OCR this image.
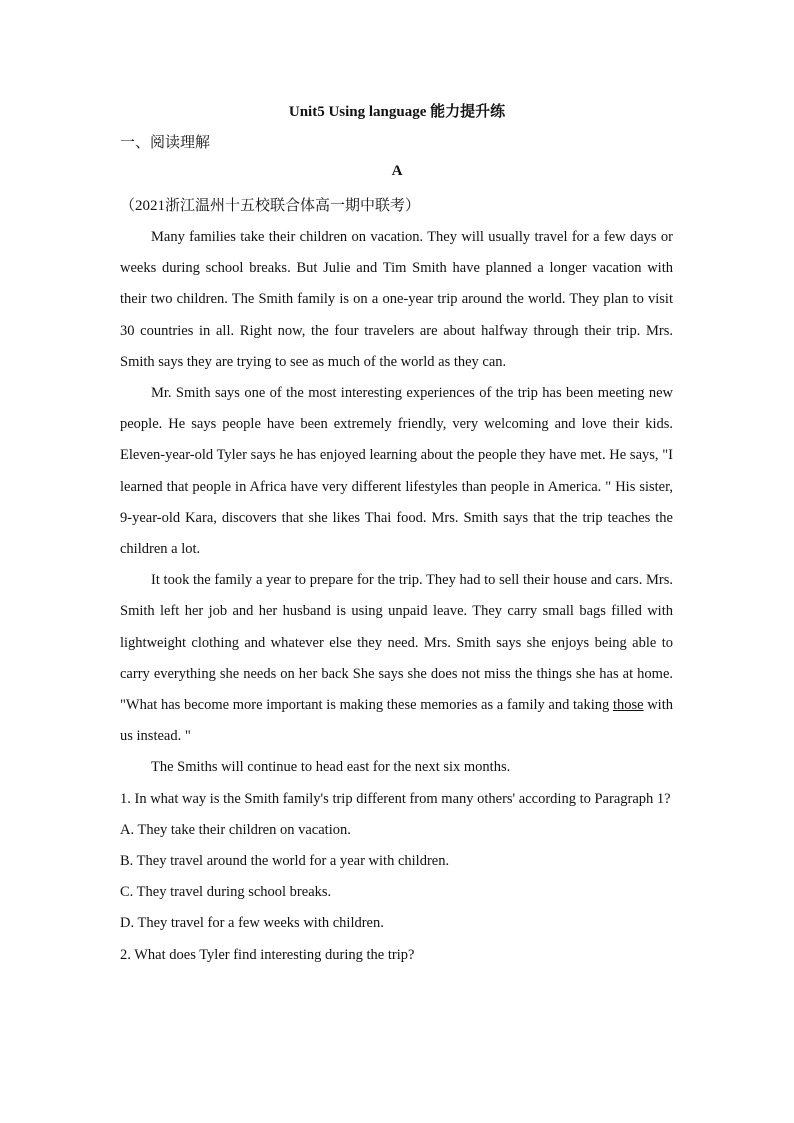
Unit5 Using language 能力提升练
一、阅读理解
A
（2021浙江温州十五校联合体高一期中联考）

Many families take their children on vacation. They will usually travel for a few days or weeks during school breaks. But Julie and Tim Smith have planned a longer vacation with their two children. The Smith family is on a one-year trip around the world. They plan to visit 30 countries in all. Right now, the four travelers are about halfway through their trip. Mrs. Smith says they are trying to see as much of the world as they can.

Mr. Smith says one of the most interesting experiences of the trip has been meeting new people. He says people have been extremely friendly, very welcoming and love their kids. Eleven-year-old Tyler says he has enjoyed learning about the people they have met. He says, "I learned that people in Africa have very different lifestyles than people in America. " His sister, 9-year-old Kara, discovers that she likes Thai food. Mrs. Smith says that the trip teaches the children a lot.

It took the family a year to prepare for the trip. They had to sell their house and cars. Mrs. Smith left her job and her husband is using unpaid leave. They carry small bags filled with lightweight clothing and whatever else they need. Mrs. Smith says she enjoys being able to carry everything she needs on her back She says she does not miss the things she has at home. "What has become more important is making these memories as a family and taking those with us instead. "

The Smiths will continue to head east for the next six months.

1. In what way is the Smith family's trip different from many others' according to Paragraph 1?

A. They take their children on vacation.

B. They travel around the world for a year with children.

C. They travel during school breaks.

D. They travel for a few weeks with children.

2. What does Tyler find interesting during the trip?
